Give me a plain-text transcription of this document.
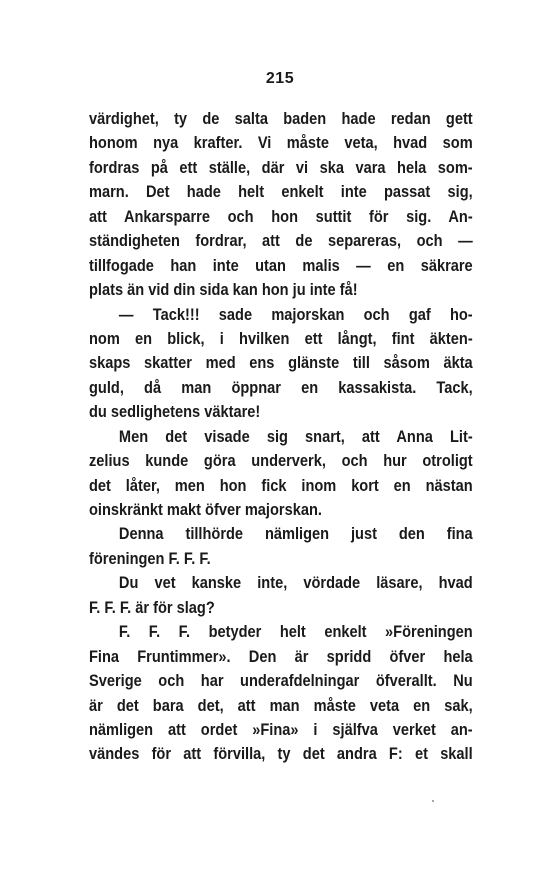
215
värdighet, ty de salta baden hade redan gett
honom nya krafter. Vi måste veta, hvad som
fordras på ett ställe, där vi ska vara hela som-
marn. Det hade helt enkelt inte passat sig,
att Ankarsparre och hon suttit för sig. An-
ständigheten fordrar, att de separeras, och —
tillfogade han inte utan malis — en säkrare
plats än vid din sida kan hon ju inte få!
— Tack!!! sade majorskan och gaf ho-
nom en blick, i hvilken ett långt, fint äkten-
skaps skatter med ens glänste till såsom äkta
guld, då man öppnar en kassakista. Tack,
du sedlighetens väktare!
Men det visade sig snart, att Anna Lit-
zelius kunde göra underverk, och hur otroligt
det låter, men hon fick inom kort en nästan
oinskränkt makt öfver majorskan.
Denna tillhörde nämligen just den fina
föreningen F. F. F.
Du vet kanske inte, vördade läsare, hvad
F. F. F. är för slag?
F. F. F. betyder helt enkelt »Föreningen
Fina Fruntimmer». Den är spridd öfver hela
Sverige och har underafdelningar öfverallt. Nu
är det bara det, att man måste veta en sak,
nämligen att ordet »Fina» i själfva verket an-
vändes för att förvilla, ty det andra F: et skall
